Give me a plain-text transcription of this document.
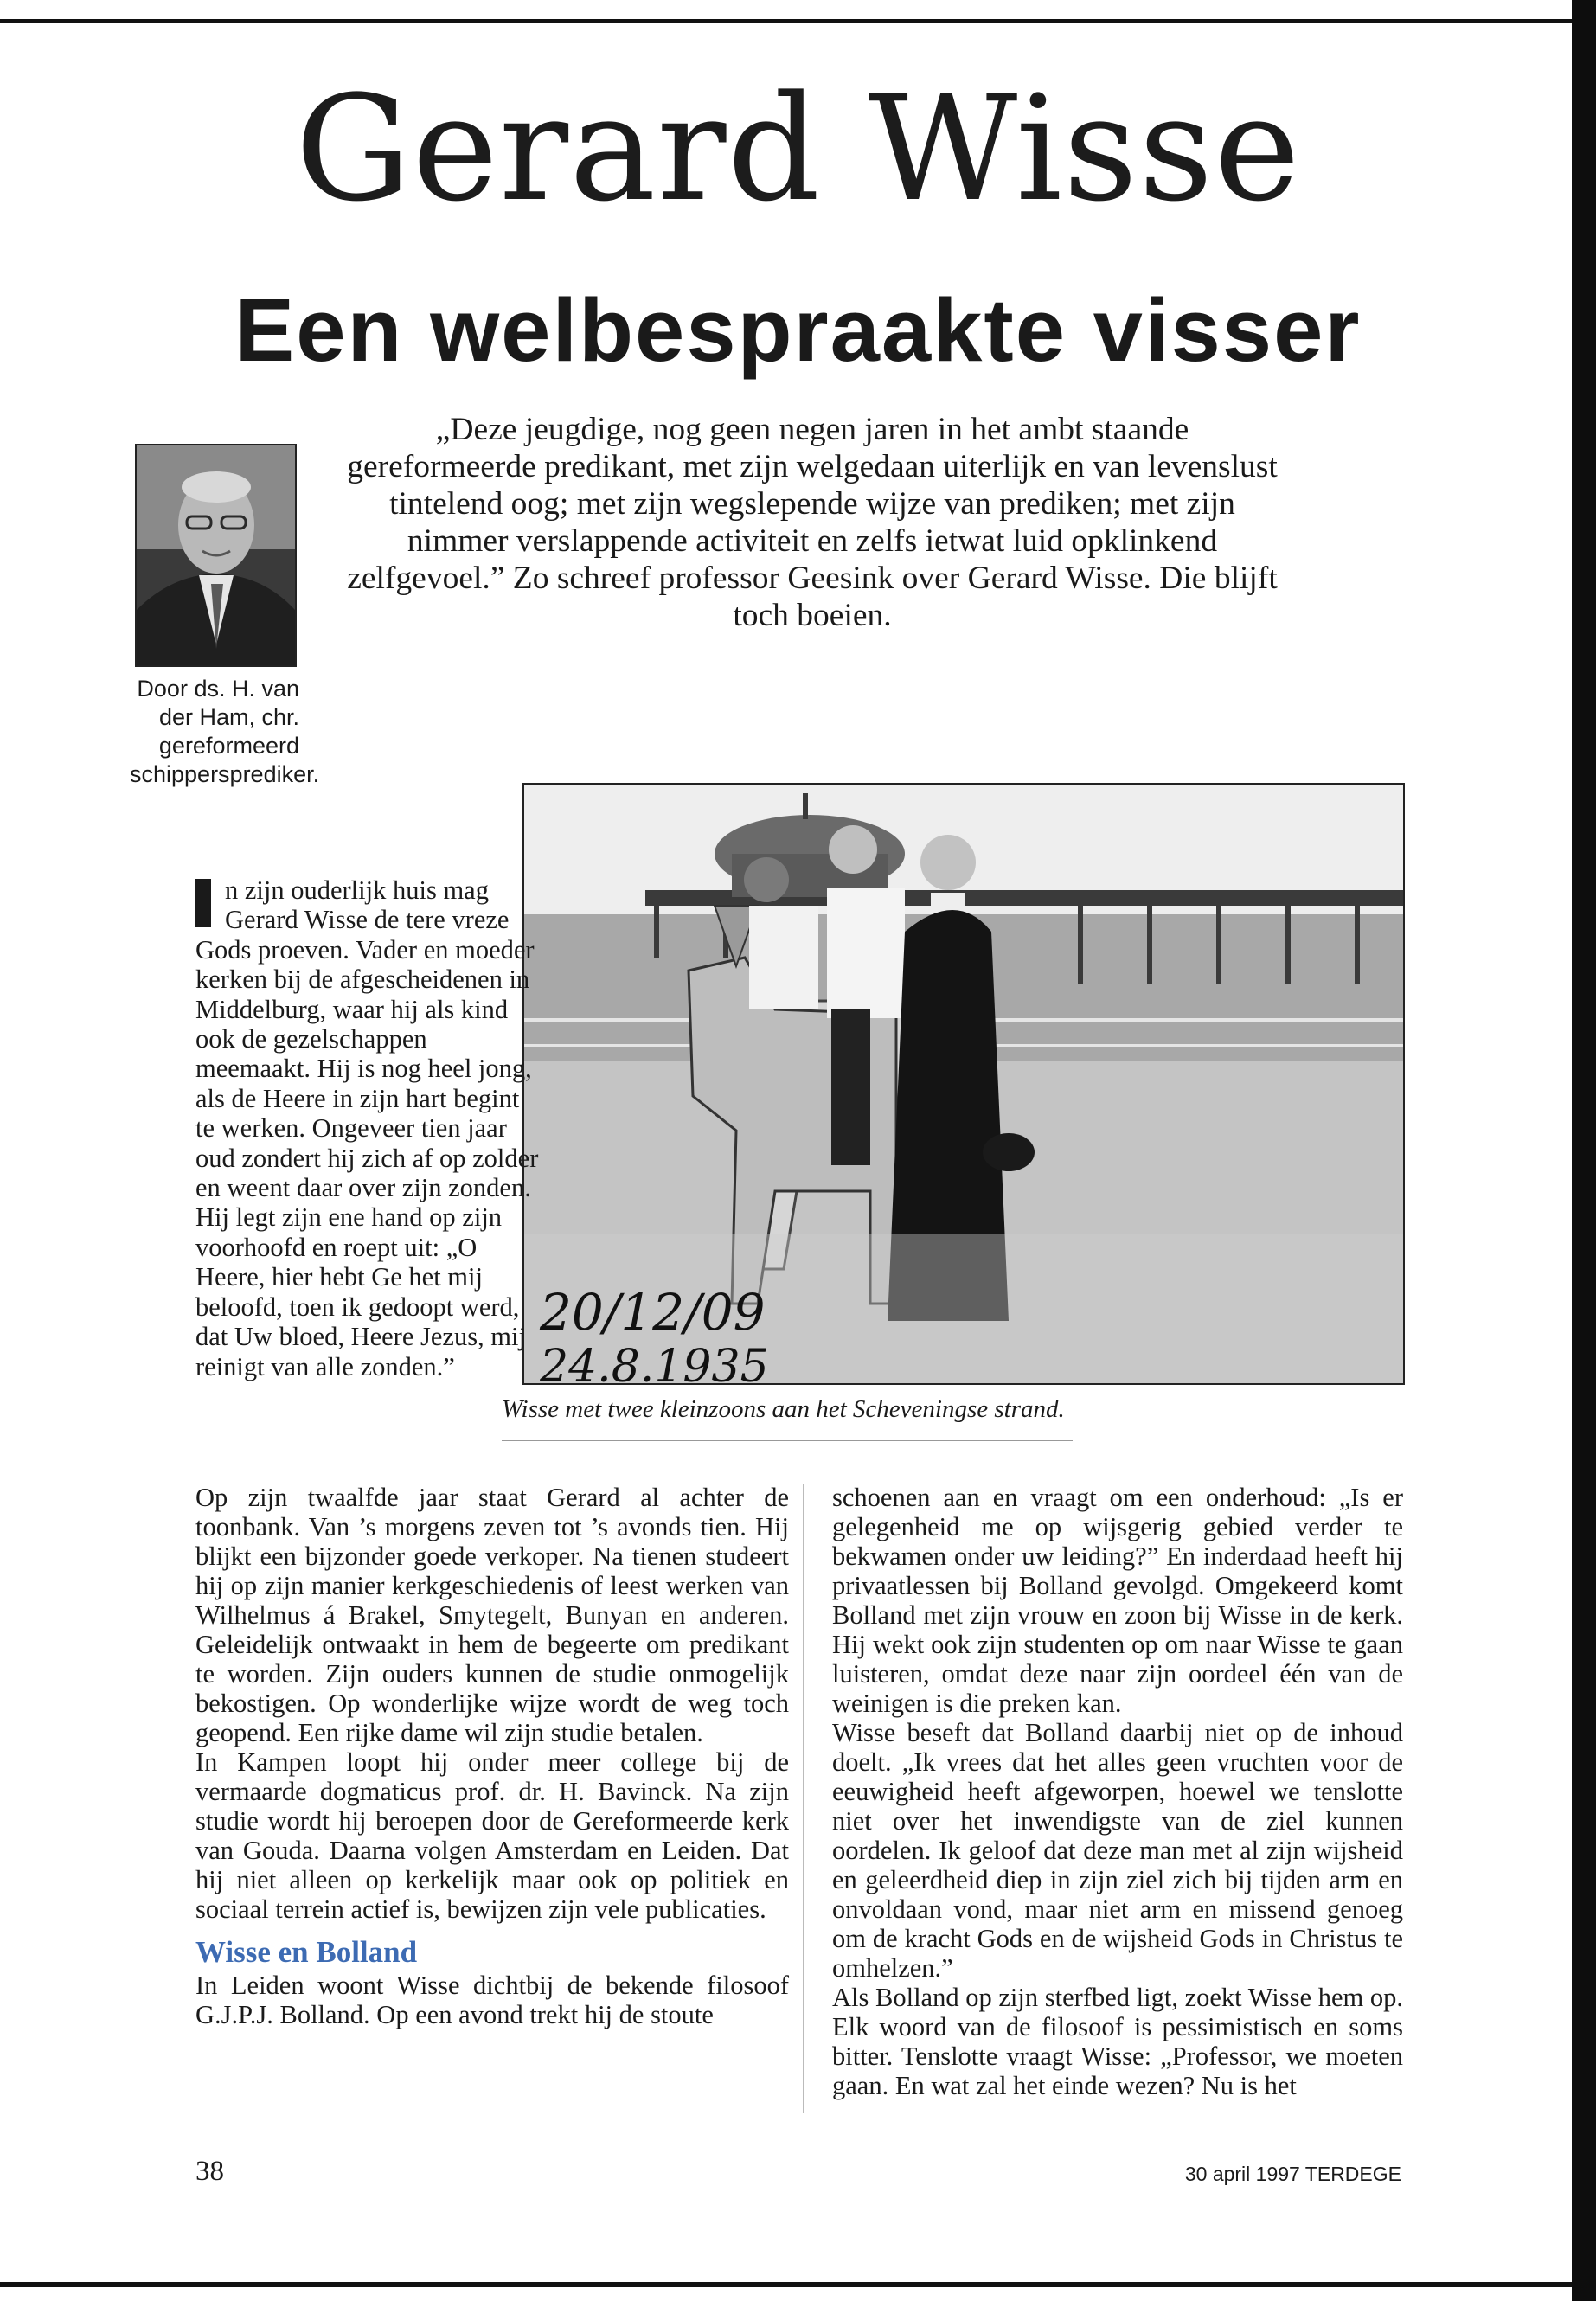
Gerard Wisse
Een welbespraakte visser

Door ds. H. van der Ham, chr. gereformeerd schippersprediker.

„Deze jeugdige, nog geen negen jaren in het ambt staande gereformeerde predikant, met zijn welgedaan uiterlijk en van levenslust tintelend oog; met zijn wegslepende wijze van prediken; met zijn nimmer verslappende activiteit en zelfs ietwat luid opklinkend zelfgevoel.” Zo schreef professor Geesink over Gerard Wisse. Die blijft toch boeien.

20/12/09
24.8.1935

Wisse met twee kleinzoons aan het Scheveningse strand.

n zijn ouderlijk huis mag Gerard Wisse de tere vreze Gods proeven. Vader en moeder kerken bij de afgescheidenen in Middelburg, waar hij als kind ook de gezelschappen meemaakt. Hij is nog heel jong, als de Heere in zijn hart begint te werken. Ongeveer tien jaar oud zondert hij zich af op zolder en weent daar over zijn zonden. Hij legt zijn ene hand op zijn voorhoofd en roept uit: „O Heere, hier hebt Ge het mij beloofd, toen ik gedoopt werd, dat Uw bloed, Heere Jezus, mij reinigt van alle zonden.”

Op zijn twaalfde jaar staat Gerard al achter de toonbank. Van ’s morgens zeven tot ’s avonds tien. Hij blijkt een bijzonder goede verkoper. Na tienen studeert hij op zijn manier kerkgeschiedenis of leest werken van Wilhelmus á Brakel, Smytegelt, Bunyan en anderen. Geleidelijk ontwaakt in hem de begeerte om predikant te worden. Zijn ouders kunnen de studie onmogelijk bekostigen. Op wonderlijke wijze wordt de weg toch geopend. Een rijke dame wil zijn studie betalen.

In Kampen loopt hij onder meer college bij de vermaarde dogmaticus prof. dr. H. Bavinck. Na zijn studie wordt hij beroepen door de Gereformeerde kerk van Gouda. Daarna volgen Amsterdam en Leiden. Dat hij niet alleen op kerkelijk maar ook op politiek en sociaal terrein actief is, bewijzen zijn vele publicaties.

Wisse en Bolland

In Leiden woont Wisse dichtbij de bekende filosoof G.J.P.J. Bolland. Op een avond trekt hij de stoute

schoenen aan en vraagt om een onderhoud: „Is er gelegenheid me op wijsgerig gebied verder te bekwamen onder uw leiding?” En inderdaad heeft hij privaatlessen bij Bolland gevolgd. Omgekeerd komt Bolland met zijn vrouw en zoon bij Wisse in de kerk. Hij wekt ook zijn studenten op om naar Wisse te gaan luisteren, omdat deze naar zijn oordeel één van de weinigen is die preken kan.

Wisse beseft dat Bolland daarbij niet op de inhoud doelt. „Ik vrees dat het alles geen vruchten voor de eeuwigheid heeft afgeworpen, hoewel we tenslotte niet over het inwendigste van de ziel kunnen oordelen. Ik geloof dat deze man met al zijn wijsheid en geleerdheid diep in zijn ziel zich bij tijden arm en onvoldaan vond, maar niet arm en missend genoeg om de kracht Gods en de wijsheid Gods in Christus te omhelzen.”

Als Bolland op zijn sterfbed ligt, zoekt Wisse hem op. Elk woord van de filosoof is pessimistisch en soms bitter. Tenslotte vraagt Wisse: „Professor, we moeten gaan. En wat zal het einde wezen? Nu is het

38	30 april 1997 TERDEGE
